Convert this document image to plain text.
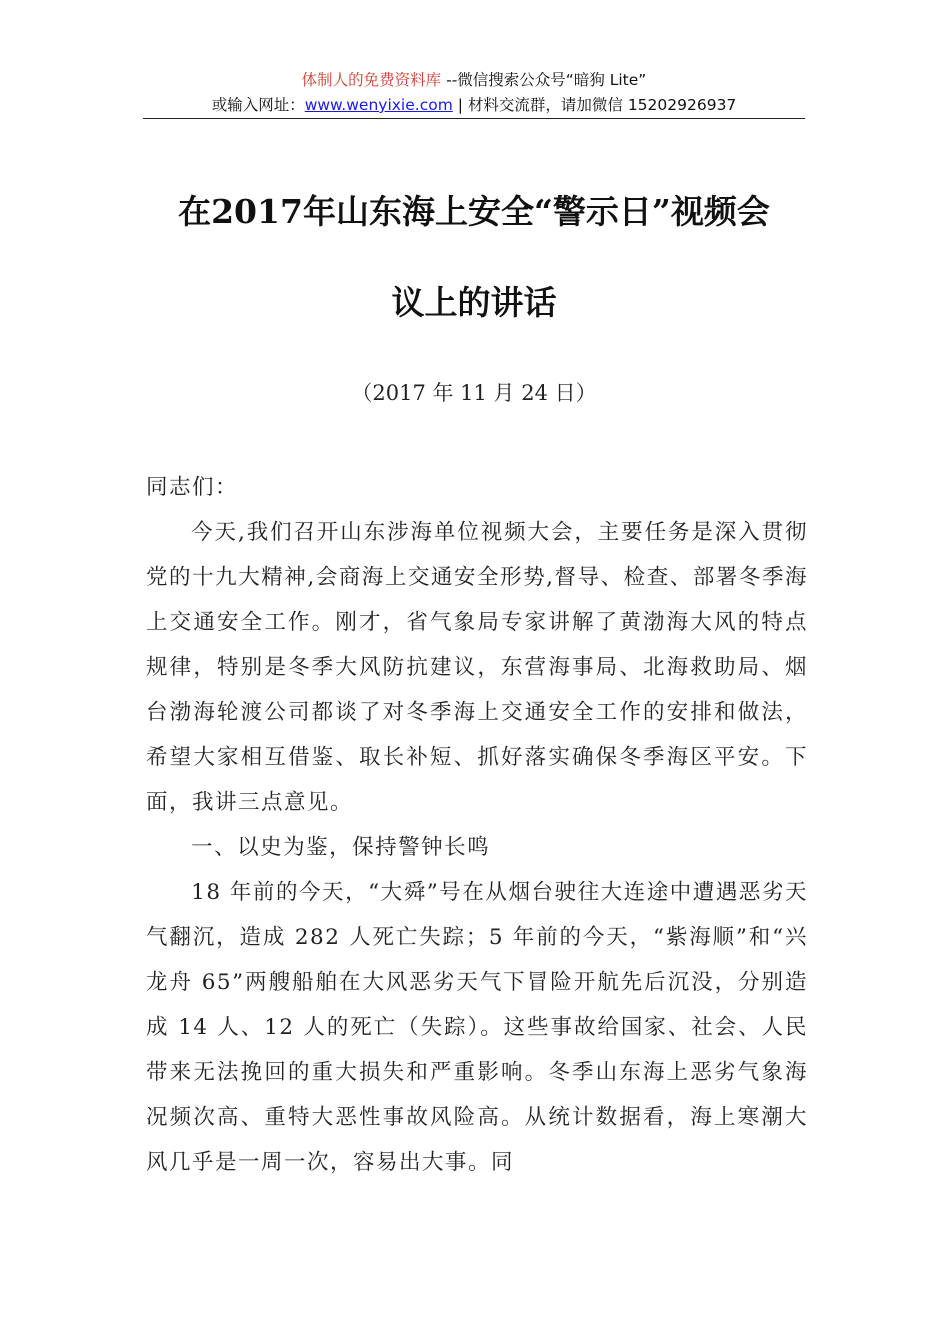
体制人的免费资料库 --微信搜索公众号“暗狗 Lite”
或输入网址：www.wenyixie.com | 材料交流群，请加微信 15202926937
在2017年山东海上安全“警示日”视频会
议上的讲话
（2017 年 11 月 24 日）

同志们：

今天,我们召开山东涉海单位视频大会，主要任务是深入贯彻党的十九大精神,会商海上交通安全形势,督导、检查、部署冬季海上交通安全工作。刚才，省气象局专家讲解了黄渤海大风的特点规律，特别是冬季大风防抗建议，东营海事局、北海救助局、烟台渤海轮渡公司都谈了对冬季海上交通安全工作的安排和做法，希望大家相互借鉴、取长补短、抓好落实确保冬季海区平安。下面，我讲三点意见。

一、以史为鉴，保持警钟长鸣

18 年前的今天，“大舜”号在从烟台驶往大连途中遭遇恶劣天气翻沉，造成 282 人死亡失踪；5 年前的今天，“紫海顺”和“兴龙舟 65”两艘船舶在大风恶劣天气下冒险开航先后沉没，分别造成 14 人、12 人的死亡（失踪）。这些事故给国家、社会、人民带来无法挽回的重大损失和严重影响。冬季山东海上恶劣气象海况频次高、重特大恶性事故风险高。从统计数据看，海上寒潮大风几乎是一周一次，容易出大事。同
